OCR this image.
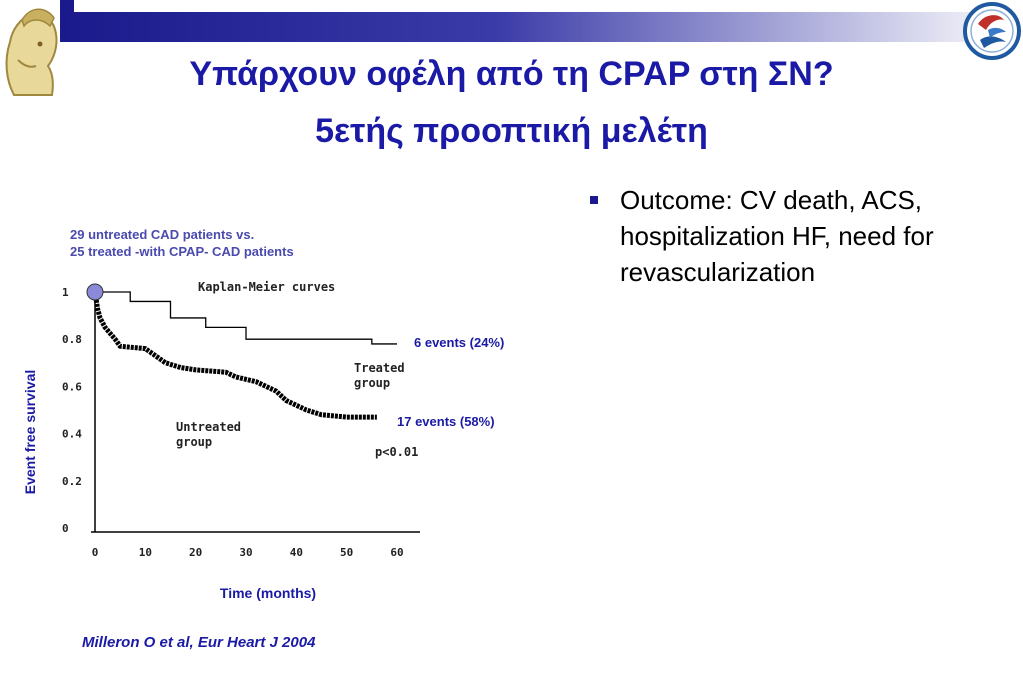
Υπάρχουν οφέλη από τη CPAP στη ΣΝ?
5ετής προοπτική μελέτη
Outcome: CV death, ACS, hospitalization HF, need for revascularization
29 untreated CAD patients vs.
25 treated -with CPAP- CAD patients
0
0.2
0.4
0.6
0.8
1
0	10	20	30	40	50	60
Kaplan-Meier curves
Treated
group
Untreated
group
p<0.01
6 events (24%)
17 events (58%)
Event free survival
Time (months)
Milleron O et al, Eur Heart J 2004
